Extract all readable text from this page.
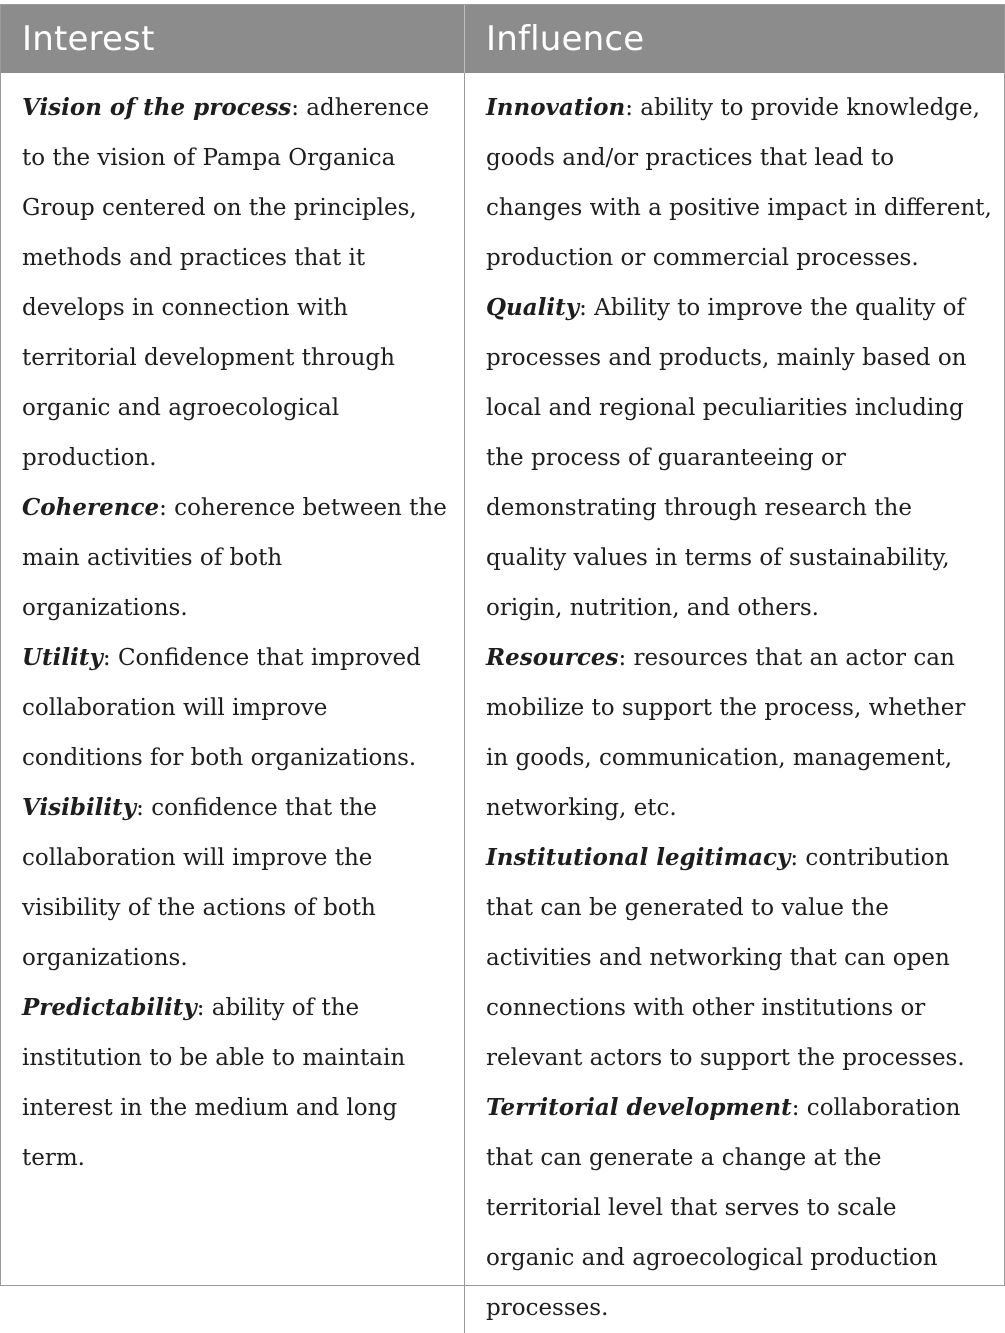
Interest	Influence

Vision of the process: adherence to the vision of Pampa Organica Group centered on the principles, methods and practices that it develops in connection with territorial development through organic and agroecological production.

Coherence: coherence between the main activities of both organizations.

Utility: Confidence that improved collaboration will improve conditions for both organizations.

Visibility: confidence that the collaboration will improve the visibility of the actions of both organizations.

Predictability: ability of the institution to be able to maintain interest in the medium and long term.

Innovation: ability to provide knowledge, goods and/or practices that lead to changes with a positive impact in different, production or commercial processes.

Quality: Ability to improve the quality of processes and products, mainly based on local and regional peculiarities including the process of guaranteeing or demonstrating through research the quality values in terms of sustainability, origin, nutrition, and others.

Resources: resources that an actor can mobilize to support the process, whether in goods, communication, management, networking, etc.

Institutional legitimacy: contribution that can be generated to value the activities and networking that can open connections with other institutions or relevant actors to support the processes.

Territorial development: collaboration that can generate a change at the territorial level that serves to scale organic and agroecological production processes.
